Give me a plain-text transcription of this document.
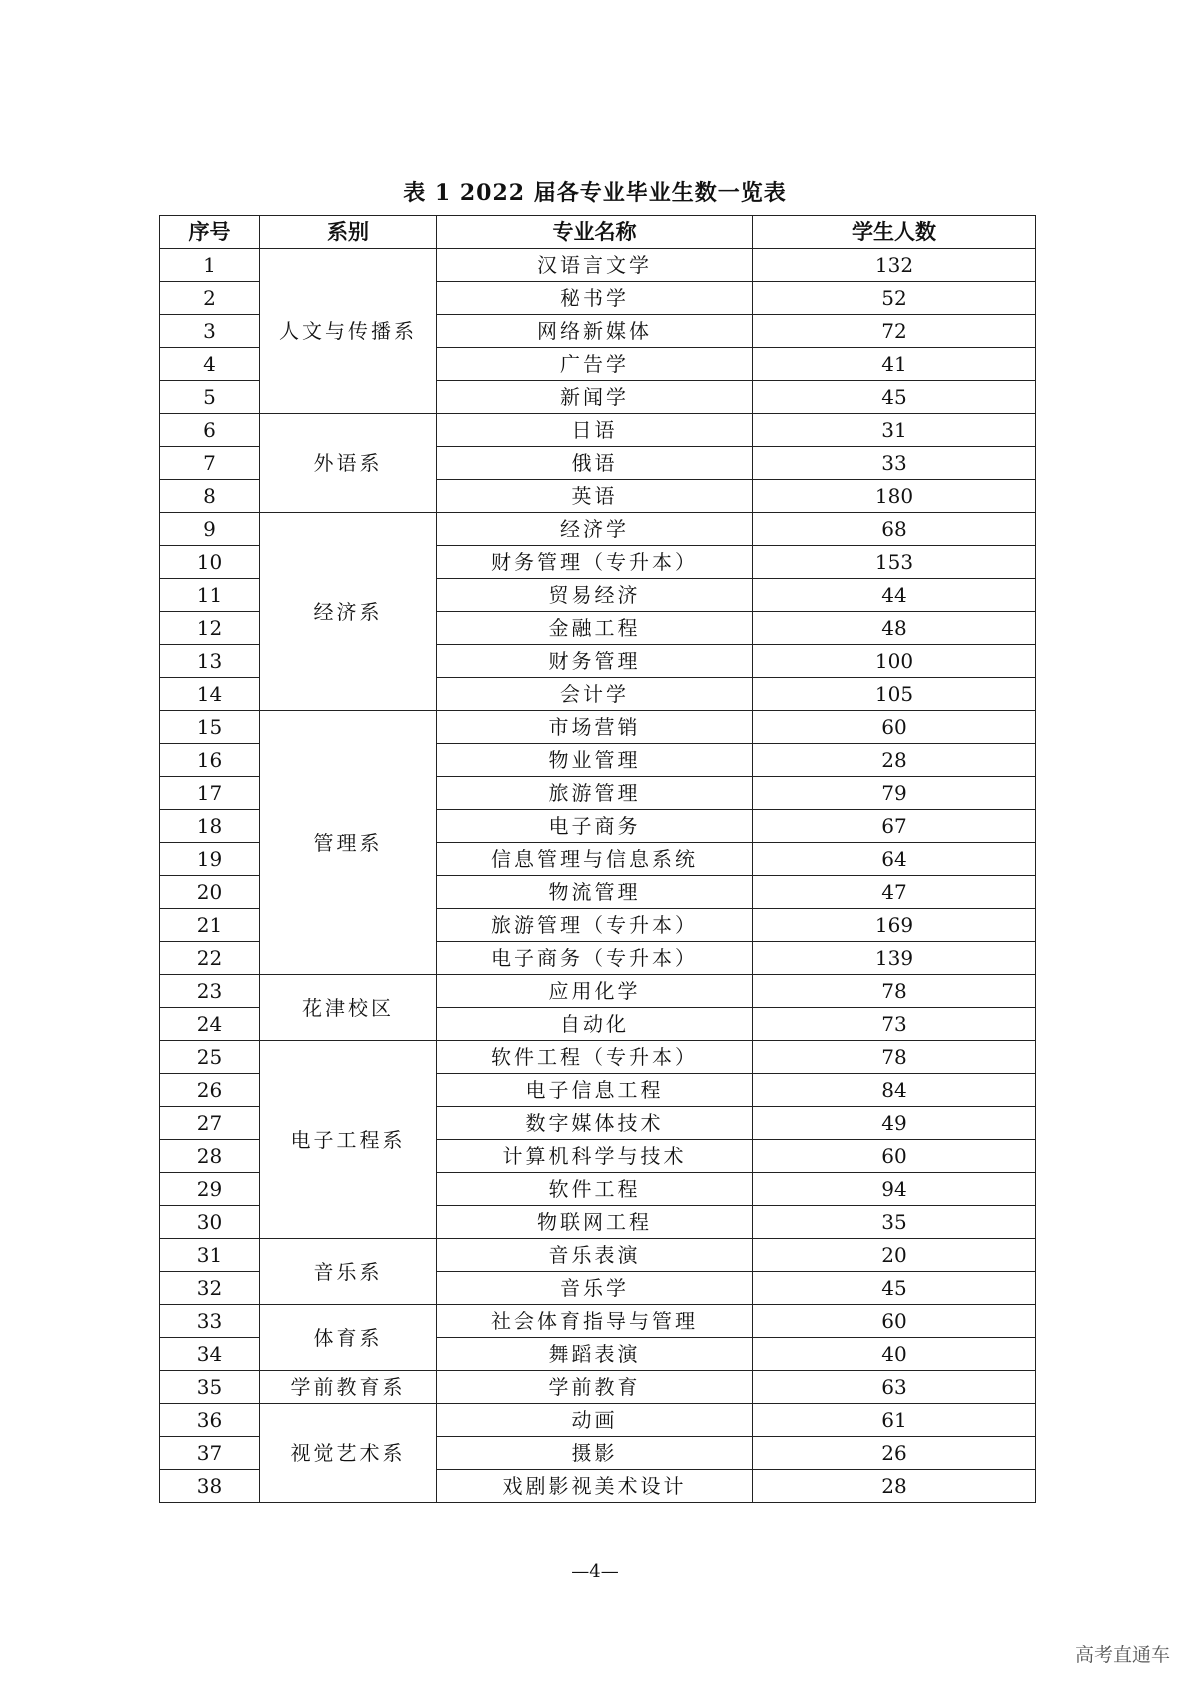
表 1 2022 届各专业毕业生数一览表
序号	系别	专业名称	学生人数
1	人文与传播系	汉语言文学	132
2		秘书学	52
3		网络新媒体	72
4		广告学	41
5		新闻学	45
6	外语系	日语	31
7		俄语	33
8		英语	180
9	经济系	经济学	68
10		财务管理（专升本）	153
11		贸易经济	44
12		金融工程	48
13		财务管理	100
14		会计学	105
15	管理系	市场营销	60
16		物业管理	28
17		旅游管理	79
18		电子商务	67
19		信息管理与信息系统	64
20		物流管理	47
21		旅游管理（专升本）	169
22		电子商务（专升本）	139
23	花津校区	应用化学	78
24		自动化	73
25	电子工程系	软件工程（专升本）	78
26		电子信息工程	84
27		数字媒体技术	49
28		计算机科学与技术	60
29		软件工程	94
30		物联网工程	35
31	音乐系	音乐表演	20
32		音乐学	45
33	体育系	社会体育指导与管理	60
34		舞蹈表演	40
35	学前教育系	学前教育	63
36	视觉艺术系	动画	61
37		摄影	26
38		戏剧影视美术设计	28
—4—
高考直通车
